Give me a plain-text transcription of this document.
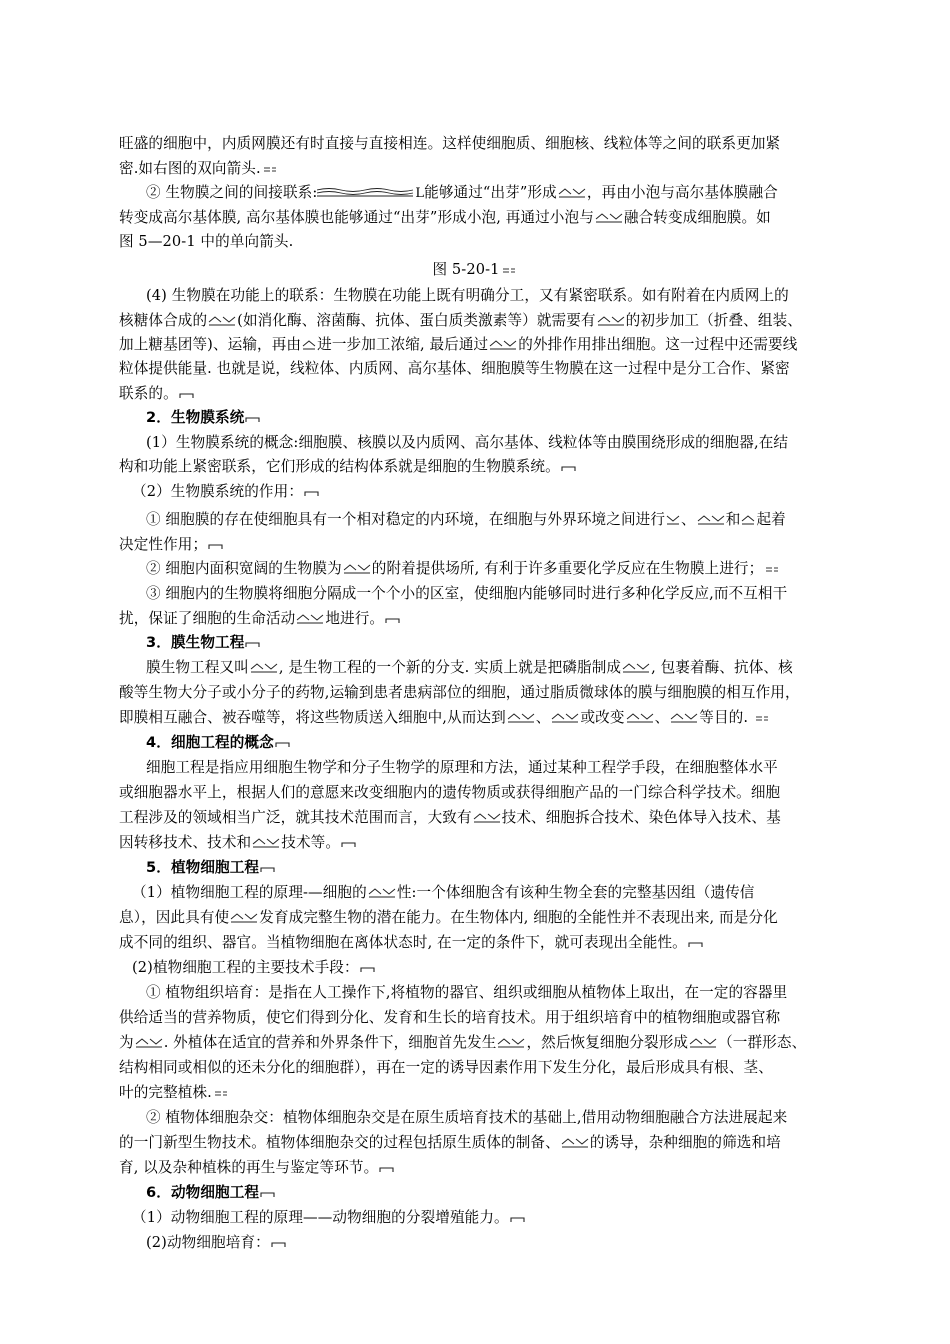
旺盛的细胞中，内质网膜还有时直接与直接相连。这样使细胞质、细胞核、线粒体等之间的联系更加紧
密.如右图的双向箭头.
② 生物膜之间的间接联系:	L能够通过“出芽”形成 ，再由小泡与高尔基体膜融合
转变成高尔基体膜, 高尔基体膜也能够通过“出芽”形成小泡, 再通过小泡与 融合转变成细胞膜。如
图 5—20-1 中的单向箭头.
图 5-20-1
(4) 生物膜在功能上的联系：生物膜在功能上既有明确分工，又有紧密联系。如有附着在内质网上的
核糖体合成的 (如消化酶、溶菌酶、抗体、蛋白质类激素等）就需要有 的初步加工（折叠、组装、
加上糖基团等)、运输，再由 进一步加工浓缩, 最后通过 的外排作用排出细胞。这一过程中还需要线
粒体提供能量. 也就是说，线粒体、内质网、高尔基体、细胞膜等生物膜在这一过程中是分工合作、紧密
联系的。
2．生物膜系统
(1）生物膜系统的概念:细胞膜、核膜以及内质网、高尔基体、线粒体等由膜围绕形成的细胞器,在结
构和功能上紧密联系，它们形成的结构体系就是细胞的生物膜系统。
（2）生物膜系统的作用：
① 细胞膜的存在使细胞具有一个相对稳定的内环境，在细胞与外界环境之间进行 、 和 起着
决定性作用；
② 细胞内面积宽阔的生物膜为 的附着提供场所, 有利于许多重要化学反应在生物膜上进行；
③ 细胞内的生物膜将细胞分隔成一个个小的区室，使细胞内能够同时进行多种化学反应,而不互相干
扰，保证了细胞的生命活动 地进行。
3．膜生物工程
膜生物工程又叫 , 是生物工程的一个新的分支. 实质上就是把磷脂制成 , 包裹着酶、抗体、核
酸等生物大分子或小分子的药物,运输到患者患病部位的细胞，通过脂质微球体的膜与细胞膜的相互作用，
即膜相互融合、被吞噬等，将这些物质送入细胞中,从而达到 、 或改变 、 等目的.
4．细胞工程的概念
细胞工程是指应用细胞生物学和分子生物学的原理和方法，通过某种工程学手段，在细胞整体水平
或细胞器水平上，根据人们的意愿来改变细胞内的遗传物质或获得细胞产品的一门综合科学技术。细胞
工程涉及的领域相当广泛，就其技术范围而言，大致有 技术、细胞拆合技术、染色体导入技术、基
因转移技术、技术和 技术等。
5．植物细胞工程
（1）植物细胞工程的原理-—细胞的 性:一个体细胞含有该种生物全套的完整基因组（遗传信
息），因此具有使 发育成完整生物的潜在能力。在生物体内, 细胞的全能性并不表现出来, 而是分化
成不同的组织、器官。当植物细胞在离体状态时, 在一定的条件下，就可表现出全能性。
(2)植物细胞工程的主要技术手段：
① 植物组织培育：是指在人工操作下,将植物的器官、组织或细胞从植物体上取出，在一定的容器里
供给适当的营养物质，使它们得到分化、发育和生长的培育技术。用于组织培育中的植物细胞或器官称
为 . 外植体在适宜的营养和外界条件下，细胞首先发生 ，然后恢复细胞分裂形成 （一群形态、
结构相同或相似的还未分化的细胞群），再在一定的诱导因素作用下发生分化，最后形成具有根、茎、
叶的完整植株.
② 植物体细胞杂交：植物体细胞杂交是在原生质培育技术的基础上,借用动物细胞融合方法进展起来
的一门新型生物技术。植物体细胞杂交的过程包括原生质体的制备、 的诱导，杂种细胞的筛选和培
育, 以及杂种植株的再生与鉴定等环节。
6．动物细胞工程
（1）动物细胞工程的原理——动物细胞的分裂增殖能力。
(2)动物细胞培育：
